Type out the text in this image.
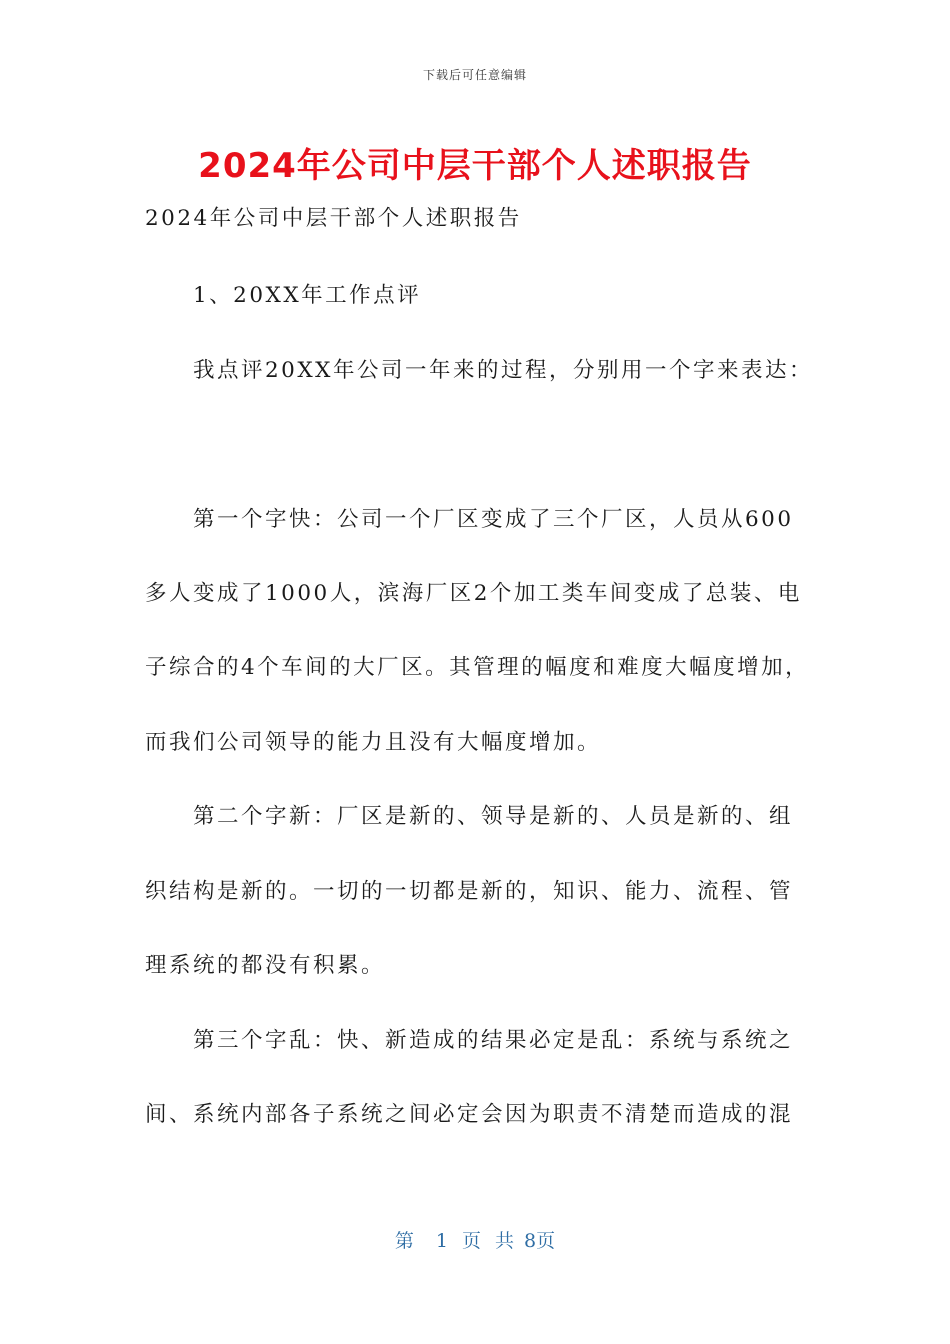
下载后可任意编辑
2024年公司中层干部个人述职报告
2024年公司中层干部个人述职报告
1、20XX年工作点评
我点评20XX年公司一年来的过程，分别用一个字来表达：
第一个字快：公司一个厂区变成了三个厂区，人员从600
多人变成了1000人，滨海厂区2个加工类车间变成了总装、电
子综合的4个车间的大厂区。其管理的幅度和难度大幅度增加，
而我们公司领导的能力且没有大幅度增加。
第二个字新：厂区是新的、领导是新的、人员是新的、组
织结构是新的。一切的一切都是新的，知识、能力、流程、管
理系统的都没有积累。
第三个字乱：快、新造成的结果必定是乱：系统与系统之
间、系统内部各子系统之间必定会因为职责不清楚而造成的混
第 1 页 共 8页
